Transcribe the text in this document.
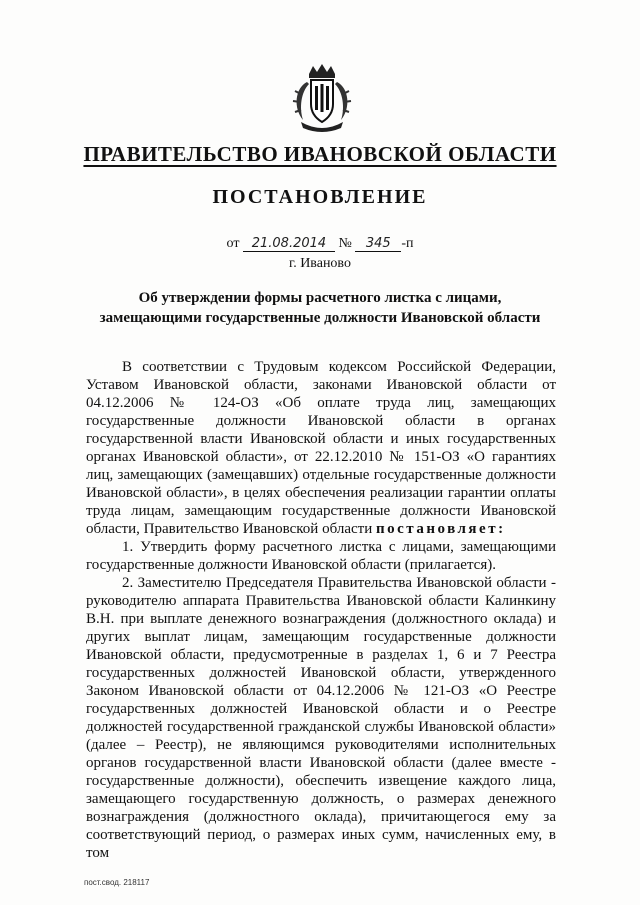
ПРАВИТЕЛЬСТВО ИВАНОВСКОЙ ОБЛАСТИ
ПОСТАНОВЛЕНИЕ
от 21.08.2014 № 345 -п
г. Иваново
Об утверждении формы расчетного листка с лицами, замещающими государственные должности Ивановской области

В соответствии с Трудовым кодексом Российской Федерации, Уставом Ивановской области, законами Ивановской области от 04.12.2006 № 124-ОЗ «Об оплате труда лиц, замещающих государственные должности Ивановской области в органах государственной власти Ивановской области и иных государственных органах Ивановской области», от 22.12.2010 № 151-ОЗ «О гарантиях лиц, замещающих (замещавших) отдельные государственные должности Ивановской области», в целях обеспечения реализации гарантии оплаты труда лицам, замещающим государственные должности Ивановской области, Правительство Ивановской области постановляет:

1. Утвердить форму расчетного листка с лицами, замещающими государственные должности Ивановской области (прилагается).

2. Заместителю Председателя Правительства Ивановской области - руководителю аппарата Правительства Ивановской области Калинкину В.Н. при выплате денежного вознаграждения (должностного оклада) и других выплат лицам, замещающим государственные должности Ивановской области, предусмотренные в разделах 1, 6 и 7 Реестра государственных должностей Ивановской области, утвержденного Законом Ивановской области от 04.12.2006 № 121-ОЗ «О Реестре государственных должностей Ивановской области и о Реестре должностей государственной гражданской службы Ивановской области» (далее – Реестр), не являющимся руководителями исполнительных органов государственной власти Ивановской области (далее вместе - государственные должности), обеспечить извещение каждого лица, замещающего государственную должность, о размерах денежного вознаграждения (должностного оклада), причитающегося ему за соответствующий период, о размерах иных сумм, начисленных ему, в том

пост.свод. 218117
